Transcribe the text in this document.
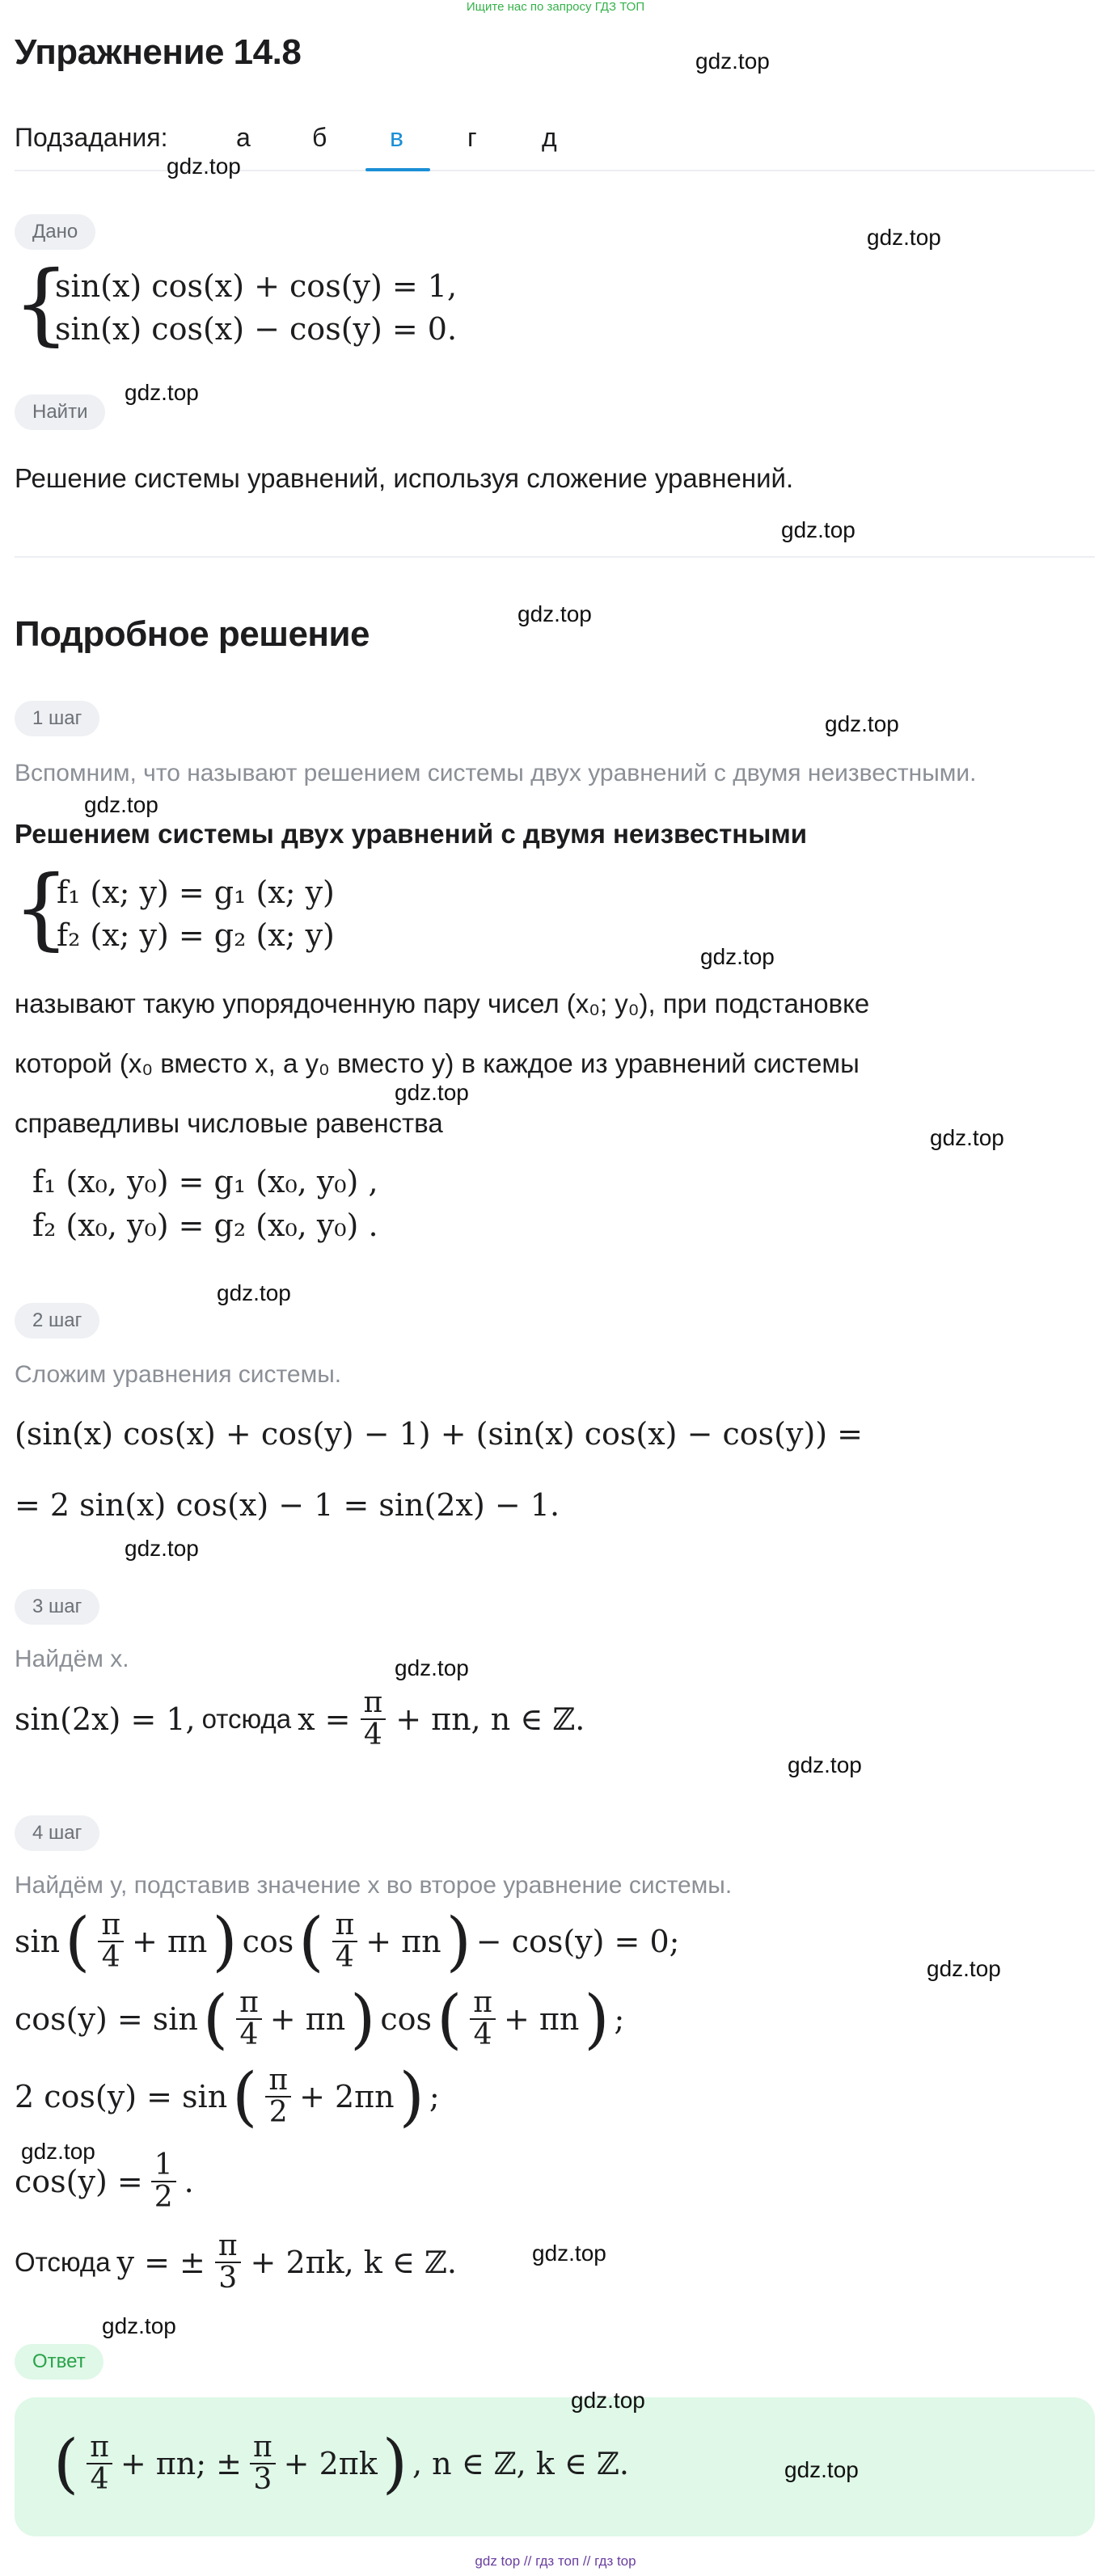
Ищите нас по запросу ГДЗ ТОП
Упражнение 14.8
Подзадания:	а б в г	д
Дано
{
sin(x) cos(x) + cos(y) = 1,
sin(x) cos(x) − cos(y) = 0.
Найти
Решение системы уравнений, используя сложение уравнений.
Подробное решение
1 шаг
Вспомним, что называют решением системы двух уравнений с двумя неизвестными.
Решением системы двух уравнений с двумя неизвестными
{
f₁ (x; y) = g₁ (x; y)
f₂ (x; y) = g₂ (x; y)
называют такую упорядоченную пару чисел (x₀; y₀), при подстановке
которой (x₀ вместо x, а y₀ вместо y) в каждое из уравнений системы
справедливы числовые равенства
f₁ (x₀, y₀) = g₁ (x₀, y₀) ,
f₂ (x₀, y₀) = g₂ (x₀, y₀) .
2 шаг
Сложим уравнения системы.
(sin(x) cos(x) + cos(y) − 1) + (sin(x) cos(x) − cos(y)) =
= 2 sin(x) cos(x) − 1 = sin(2x) − 1.
3 шаг
Найдём x.
sin(2x) = 1, отсюда $x = \frac{\pi}{4} + \pi n$, n ∈ ℤ.
4 шаг
Найдём y, подставив значение x во второе уравнение системы.
sin ( $\frac{\pi}{4} + \pi n$ ) cos ( $\frac{\pi}{4} + \pi n$ ) − cos(y) = 0;
cos(y) = sin ( $\frac{\pi}{4} + \pi n$ ) cos ( $\frac{\pi}{4} + \pi n$ ) ;
2 cos(y) = sin ( $\frac{\pi}{2} + 2\pi n$ ) ;
$\cos(y) = \frac{1}{2}$ .
Отсюда y = ± $\frac{\pi}{3} + 2\pi k$, k ∈ ℤ.
Ответ
( $\frac{\pi}{4} + \pi n$; ± $\frac{\pi}{3} + 2\pi k$ ) , n ∈ ℤ, k ∈ ℤ.
gdz.top
gdz.top
gdz.top
gdz.top
gdz.top
gdz.top
gdz.top
gdz.top
gdz.top
gdz.top
gdz.top
gdz.top
gdz.top
gdz.top
gdz.top
gdz.top
gdz.top
gdz.top
gdz.top
gdz.top
gdz.top
gdz top // гдз топ // гдз top
